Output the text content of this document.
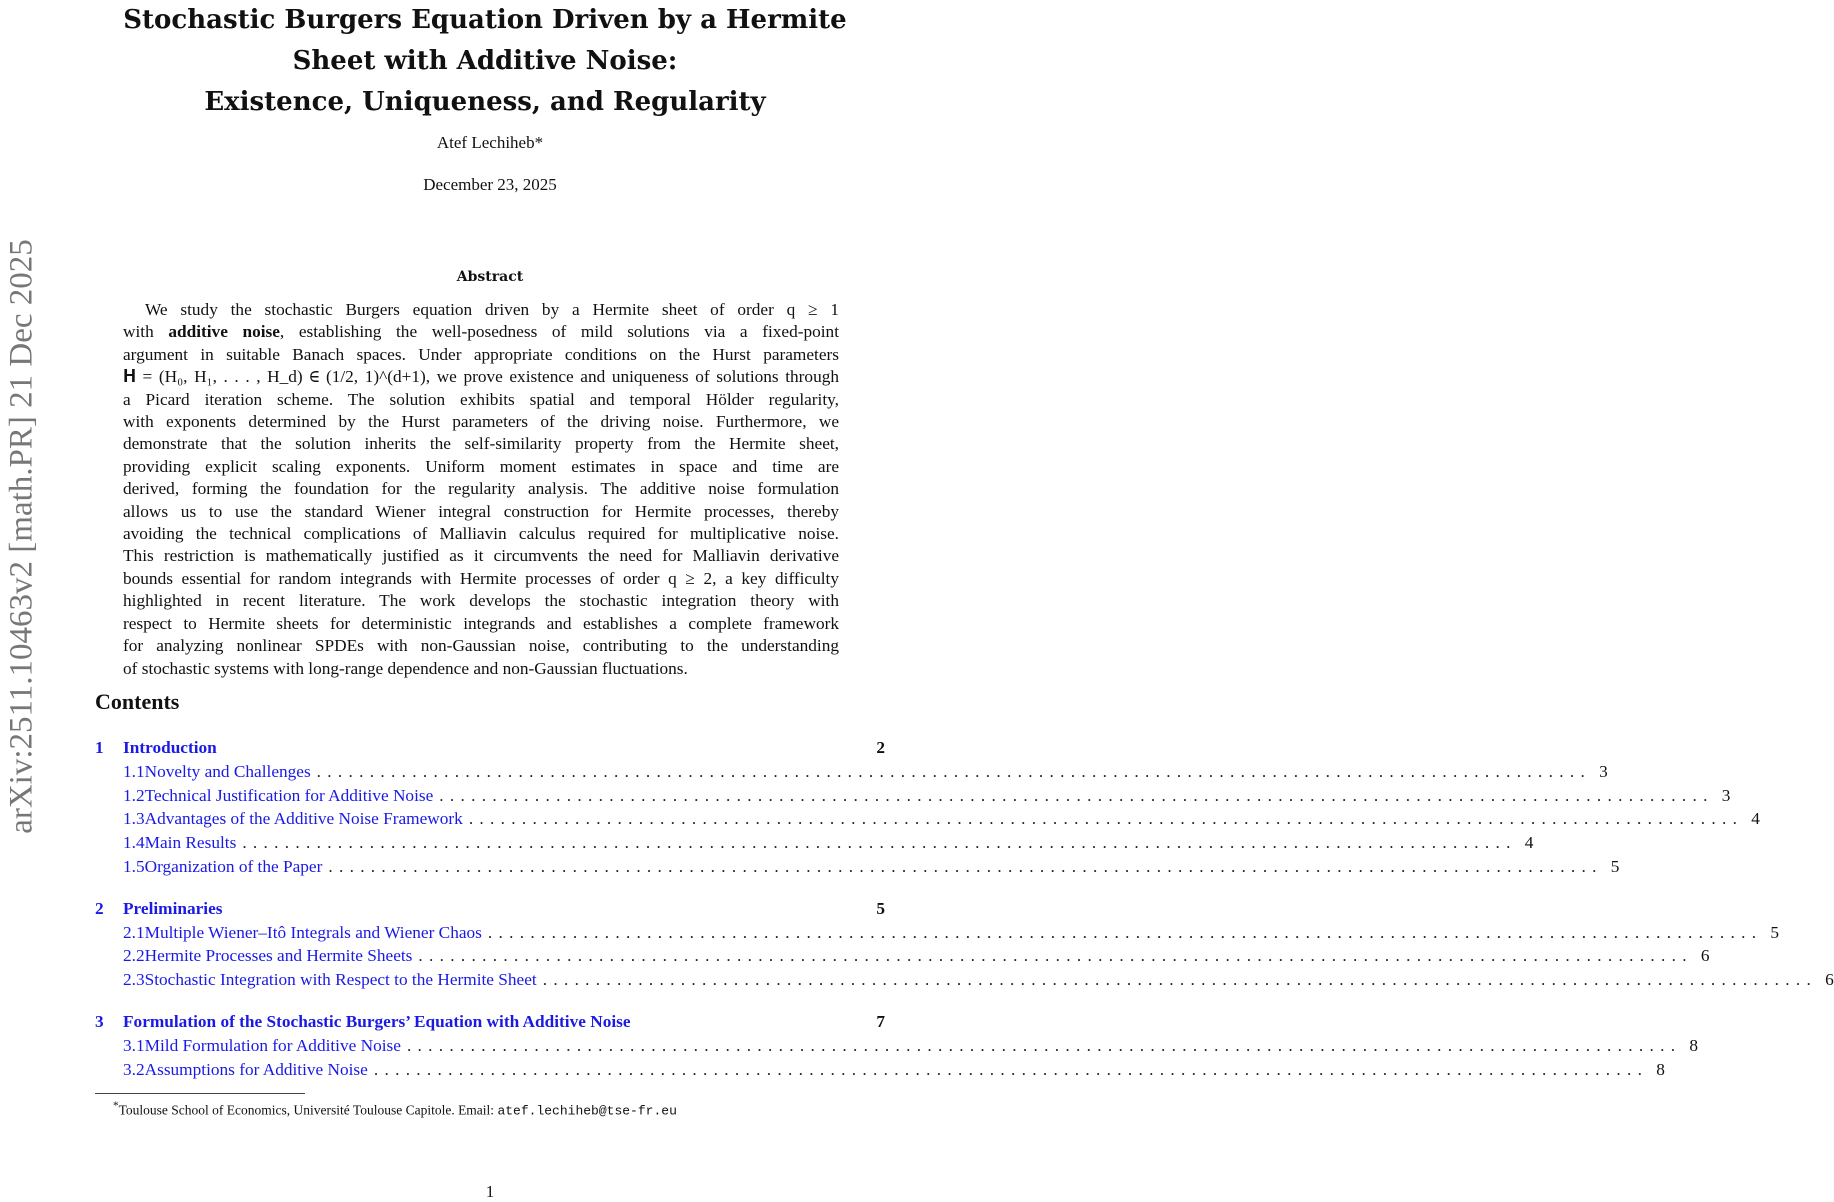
arXiv:2511.10463v2 [math.PR] 21 Dec 2025
Stochastic Burgers Equation Driven by a Hermite
Sheet with Additive Noise:
Existence, Uniqueness, and Regularity
Atef Lechiheb*
December 23, 2025
Abstract
We study the stochastic Burgers equation driven by a Hermite sheet of order q ≥ 1
with additive noise, establishing the well-posedness of mild solutions via a fixed-point
argument in suitable Banach spaces. Under appropriate conditions on the Hurst parameters
𝐇 = (H₀, H₁, . . . , H_d) ∈ (1/2, 1)^(d+1), we prove existence and uniqueness of solutions through
a Picard iteration scheme. The solution exhibits spatial and temporal Hölder regularity,
with exponents determined by the Hurst parameters of the driving noise. Furthermore, we
demonstrate that the solution inherits the self-similarity property from the Hermite sheet,
providing explicit scaling exponents. Uniform moment estimates in space and time are
derived, forming the foundation for the regularity analysis. The additive noise formulation
allows us to use the standard Wiener integral construction for Hermite processes, thereby
avoiding the technical complications of Malliavin calculus required for multiplicative noise.
This restriction is mathematically justified as it circumvents the need for Malliavin derivative
bounds essential for random integrands with Hermite processes of order q ≥ 2, a key difficulty
highlighted in recent literature. The work develops the stochastic integration theory with
respect to Hermite sheets for deterministic integrands and establishes a complete framework
for analyzing nonlinear SPDEs with non-Gaussian noise, contributing to the understanding
of stochastic systems with long-range dependence and non-Gaussian fluctuations.
Contents
1	Introduction	2
1.1 Novelty and Challenges ........................................................................................................................ 3
1.2 Technical Justification for Additive Noise ........................................................................................................................ 3
1.3 Advantages of the Additive Noise Framework ........................................................................................................................ 4
1.4 Main Results ........................................................................................................................ 4
1.5 Organization of the Paper ........................................................................................................................ 5
2	Preliminaries	5
2.1 Multiple Wiener–Itô Integrals and Wiener Chaos ........................................................................................................................ 5
2.2 Hermite Processes and Hermite Sheets ........................................................................................................................ 6
2.3 Stochastic Integration with Respect to the Hermite Sheet ........................................................................................................................ 6
3	Formulation of the Stochastic Burgers’ Equation with Additive Noise	7
3.1 Mild Formulation for Additive Noise ........................................................................................................................ 8
3.2 Assumptions for Additive Noise ........................................................................................................................ 8
*Toulouse School of Economics, Université Toulouse Capitole. Email: atef.lechiheb@tse-fr.eu
1
